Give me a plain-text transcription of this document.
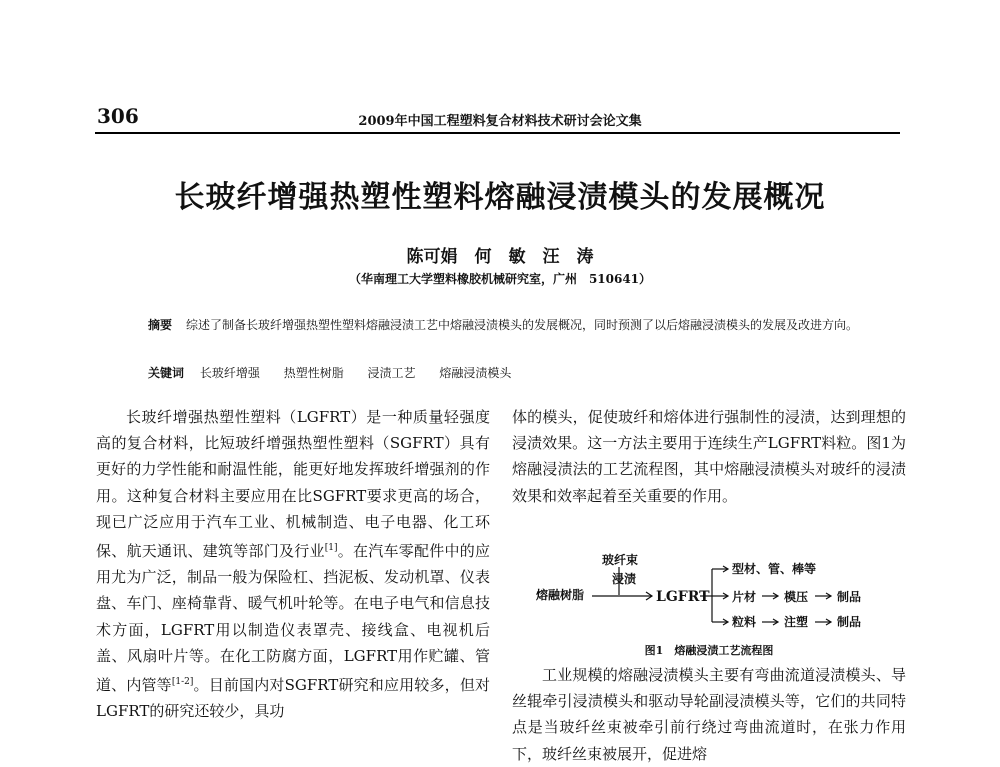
306	2009年中国工程塑料复合材料技术研讨会论文集
长玻纤增强热塑性塑料熔融浸渍模头的发展概况
陈可娟　何　敏　汪　涛
（华南理工大学塑料橡胶机械研究室，广州　510641）
摘要 综述了制备长玻纤增强热塑性塑料熔融浸渍工艺中熔融浸渍模头的发展概况，同时预测了以后熔融浸渍模头的发展及改进方向。
关键词 长玻纤增强 热塑性树脂 浸渍工艺 熔融浸渍模头

长玻纤增强热塑性塑料（LGFRT）是一种质量轻强度高的复合材料，比短玻纤增强热塑性塑料（SGFRT）具有更好的力学性能和耐温性能，能更好地发挥玻纤增强剂的作用。这种复合材料主要应用在比SGFRT要求更高的场合，现已广泛应用于汽车工业、机械制造、电子电器、化工环保、航天通讯、建筑等部门及行业[1]。在汽车零配件中的应用尤为广泛，制品一般为保险杠、挡泥板、发动机罩、仪表盘、车门、座椅靠背、暖气机叶轮等。在电子电气和信息技术方面，LGFRT用以制造仪表罩壳、接线盒、电视机后盖、风扇叶片等。在化工防腐方面，LGFRT用作贮罐、管道、内管等[1-2]。目前国内对SGFRT研究和应用较多，但对LGFRT的研究还较少，具功

体的模头，促使玻纤和熔体进行强制性的浸渍，达到理想的浸渍效果。这一方法主要用于连续生产LGFRT料粒。图1为熔融浸渍法的工艺流程图，其中熔融浸渍模头对玻纤的浸渍效果和效率起着至关重要的作用。

玻纤束
浸渍
熔融树脂	LGFRT
型材、管、棒等
片材 模压 制品
粒料 注塑 制品
图1　熔融浸渍工艺流程图

工业规模的熔融浸渍模头主要有弯曲流道浸渍模头、导丝辊牵引浸渍模头和驱动导轮副浸渍模头等，它们的共同特点是当玻纤丝束被牵引前行绕过弯曲流道时，在张力作用下，玻纤丝束被展开，促进熔
